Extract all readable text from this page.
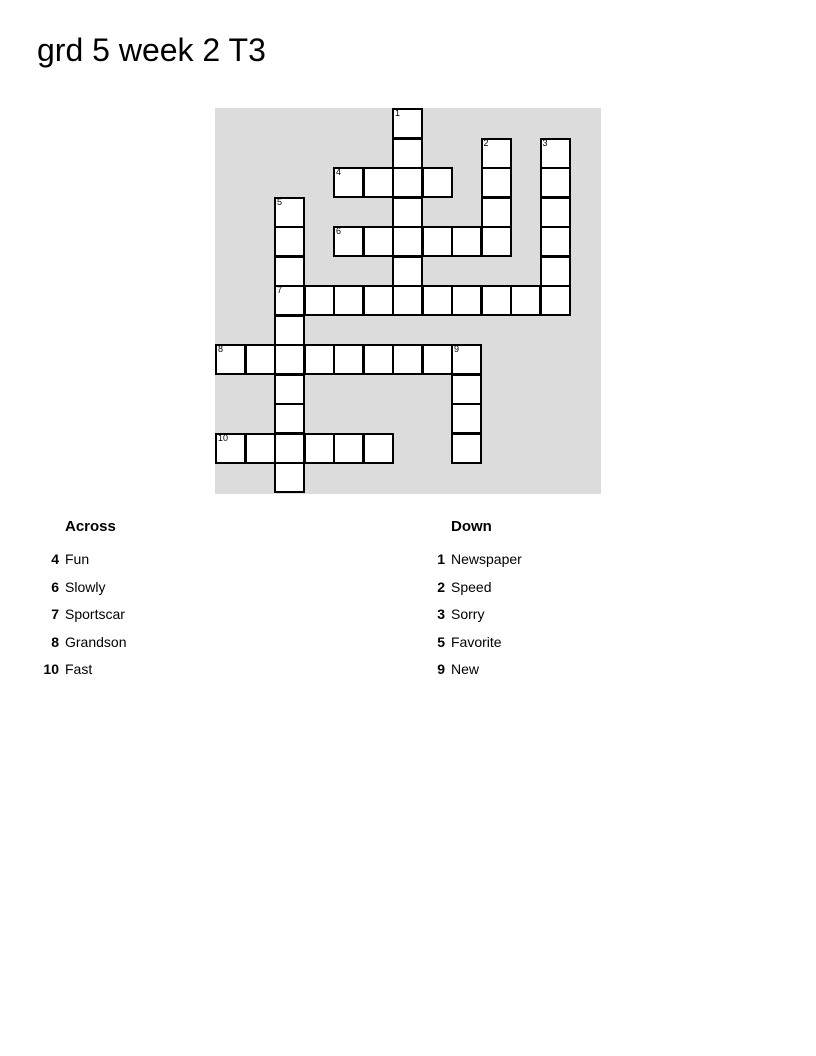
grd 5 week 2 T3
1
2	3
4
5
7
6
8	9
10
Across
4 Fun
6 Slowly
7 Sportscar
8 Grandson
10 Fast
Down
1 Newspaper
2 Speed
3 Sorry
5 Favorite
9 New
